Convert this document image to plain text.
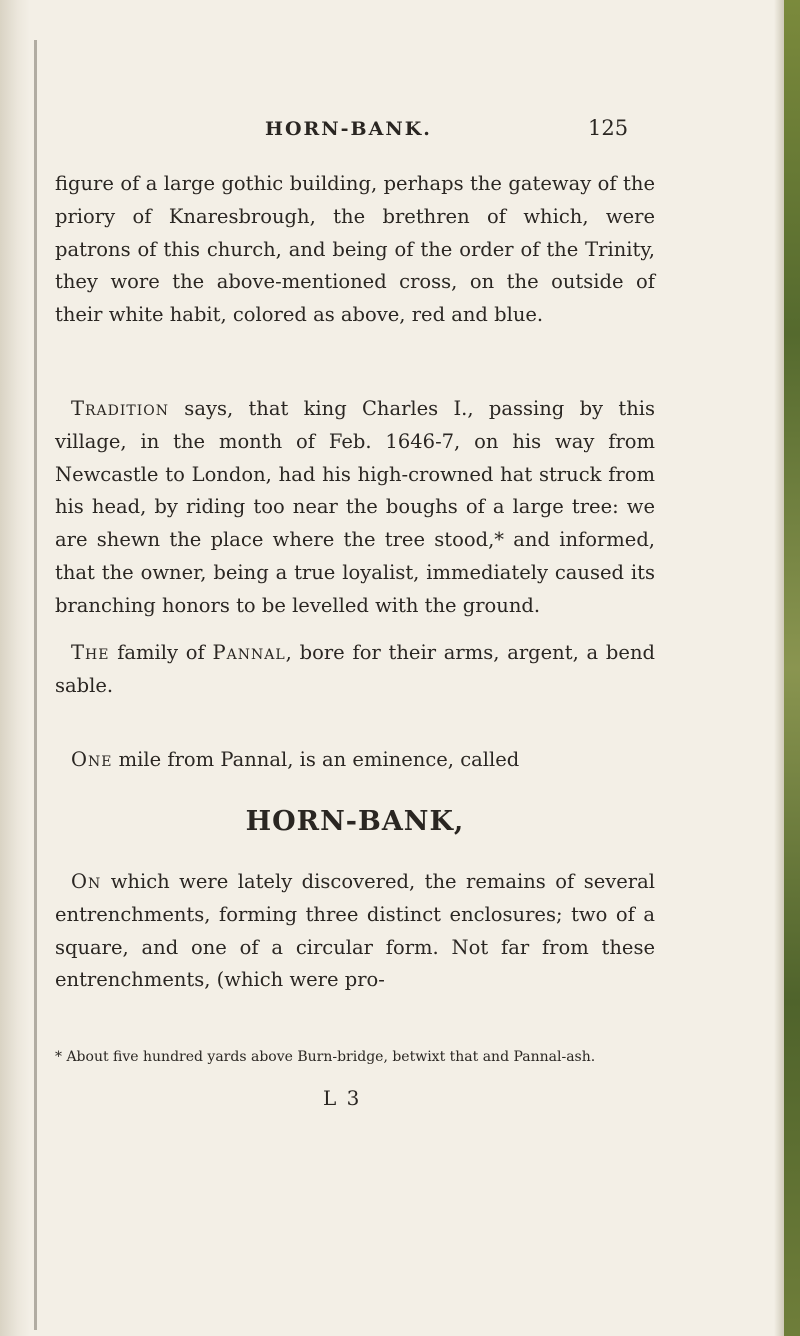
HORN-BANK.	125

figure of a large gothic building, perhaps the gateway of the priory of Knaresbrough, the brethren of which, were patrons of this church, and being of the order of the Trinity, they wore the above-mentioned cross, on the outside of their white habit, colored as above, red and blue.

Tradition says, that king Charles I., passing by this village, in the month of Feb. 1646-7, on his way from Newcastle to London, had his high-crowned hat struck from his head, by riding too near the boughs of a large tree: we are shewn the place where the tree stood,* and informed, that the owner, being a true loyalist, immediately caused its branching honors to be levelled with the ground.

The family of Pannal, bore for their arms, argent, a bend sable.

One mile from Pannal, is an eminence, called

HORN-BANK,

On which were lately discovered, the remains of several entrenchments, forming three distinct enclosures; two of a square, and one of a circular form. Not far from these entrenchments, (which were pro-

* About five hundred yards above Burn-bridge, betwixt that and Pannal-ash.

L 3
